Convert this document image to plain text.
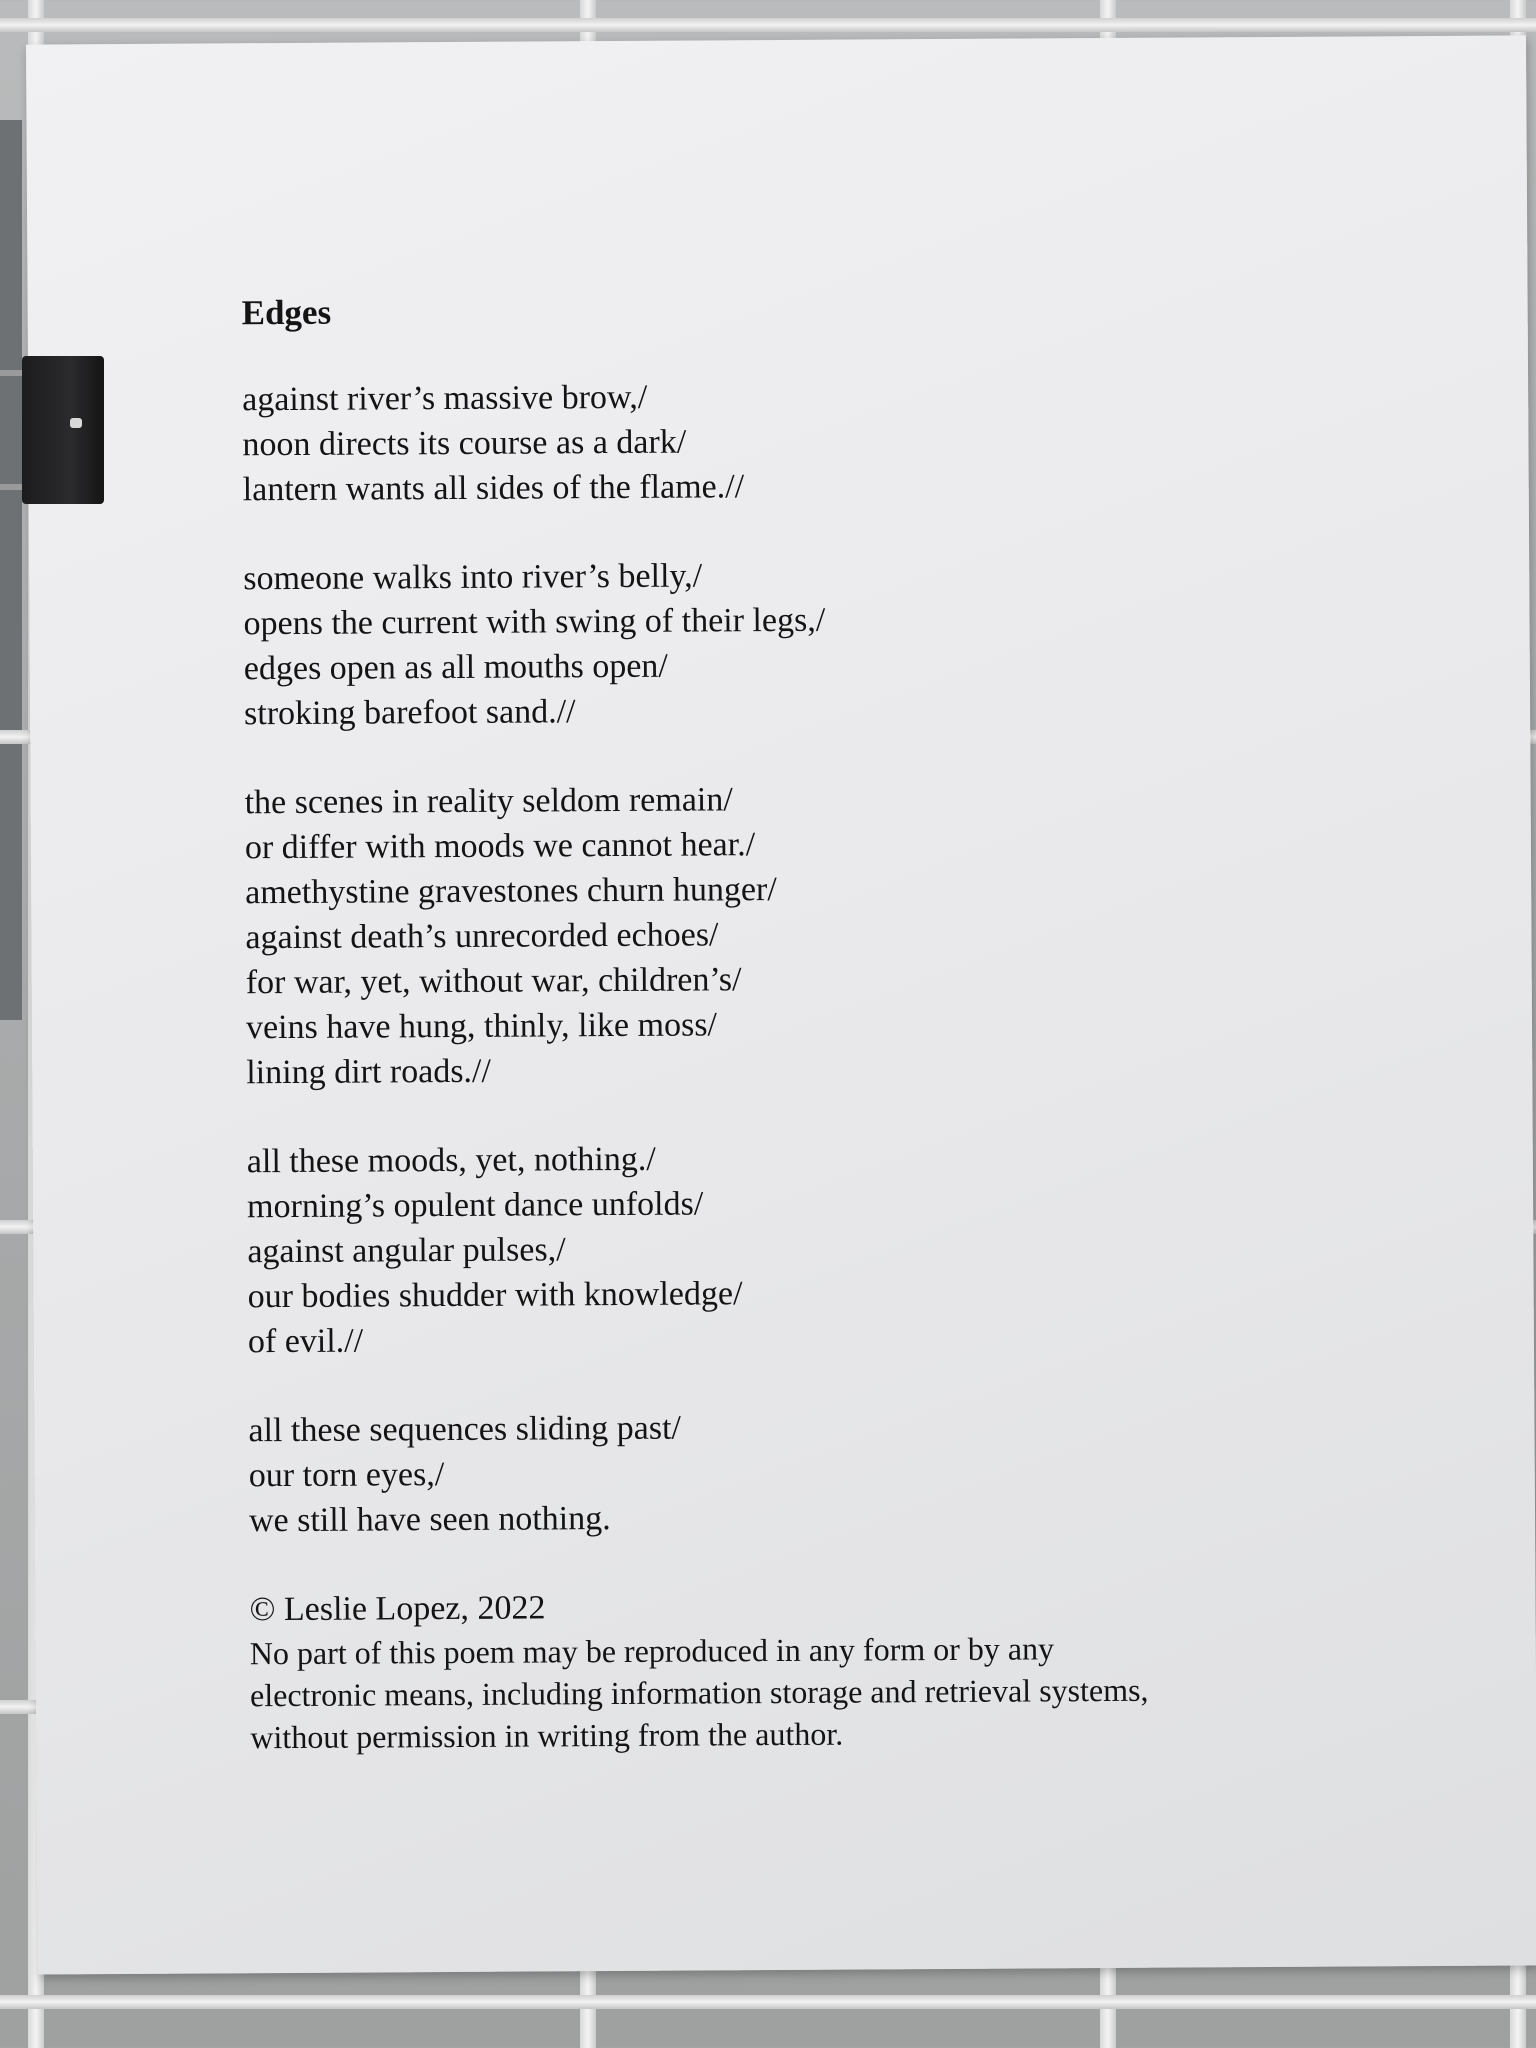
Edges
against river’s massive brow,/
noon directs its course as a dark/
lantern wants all sides of the flame.//
someone walks into river’s belly,/
opens the current with swing of their legs,/
edges open as all mouths open/
stroking barefoot sand.//
the scenes in reality seldom remain/
or differ with moods we cannot hear./
amethystine gravestones churn hunger/
against death’s unrecorded echoes/
for war, yet, without war, children’s/
veins have hung, thinly, like moss/
lining dirt roads.//
all these moods, yet, nothing./
morning’s opulent dance unfolds/
against angular pulses,/
our bodies shudder with knowledge/
of evil.//
all these sequences sliding past/
our torn eyes,/
we still have seen nothing.
© Leslie Lopez, 2022
No part of this poem may be reproduced in any form or by any
electronic means, including information storage and retrieval systems,
without permission in writing from the author.
